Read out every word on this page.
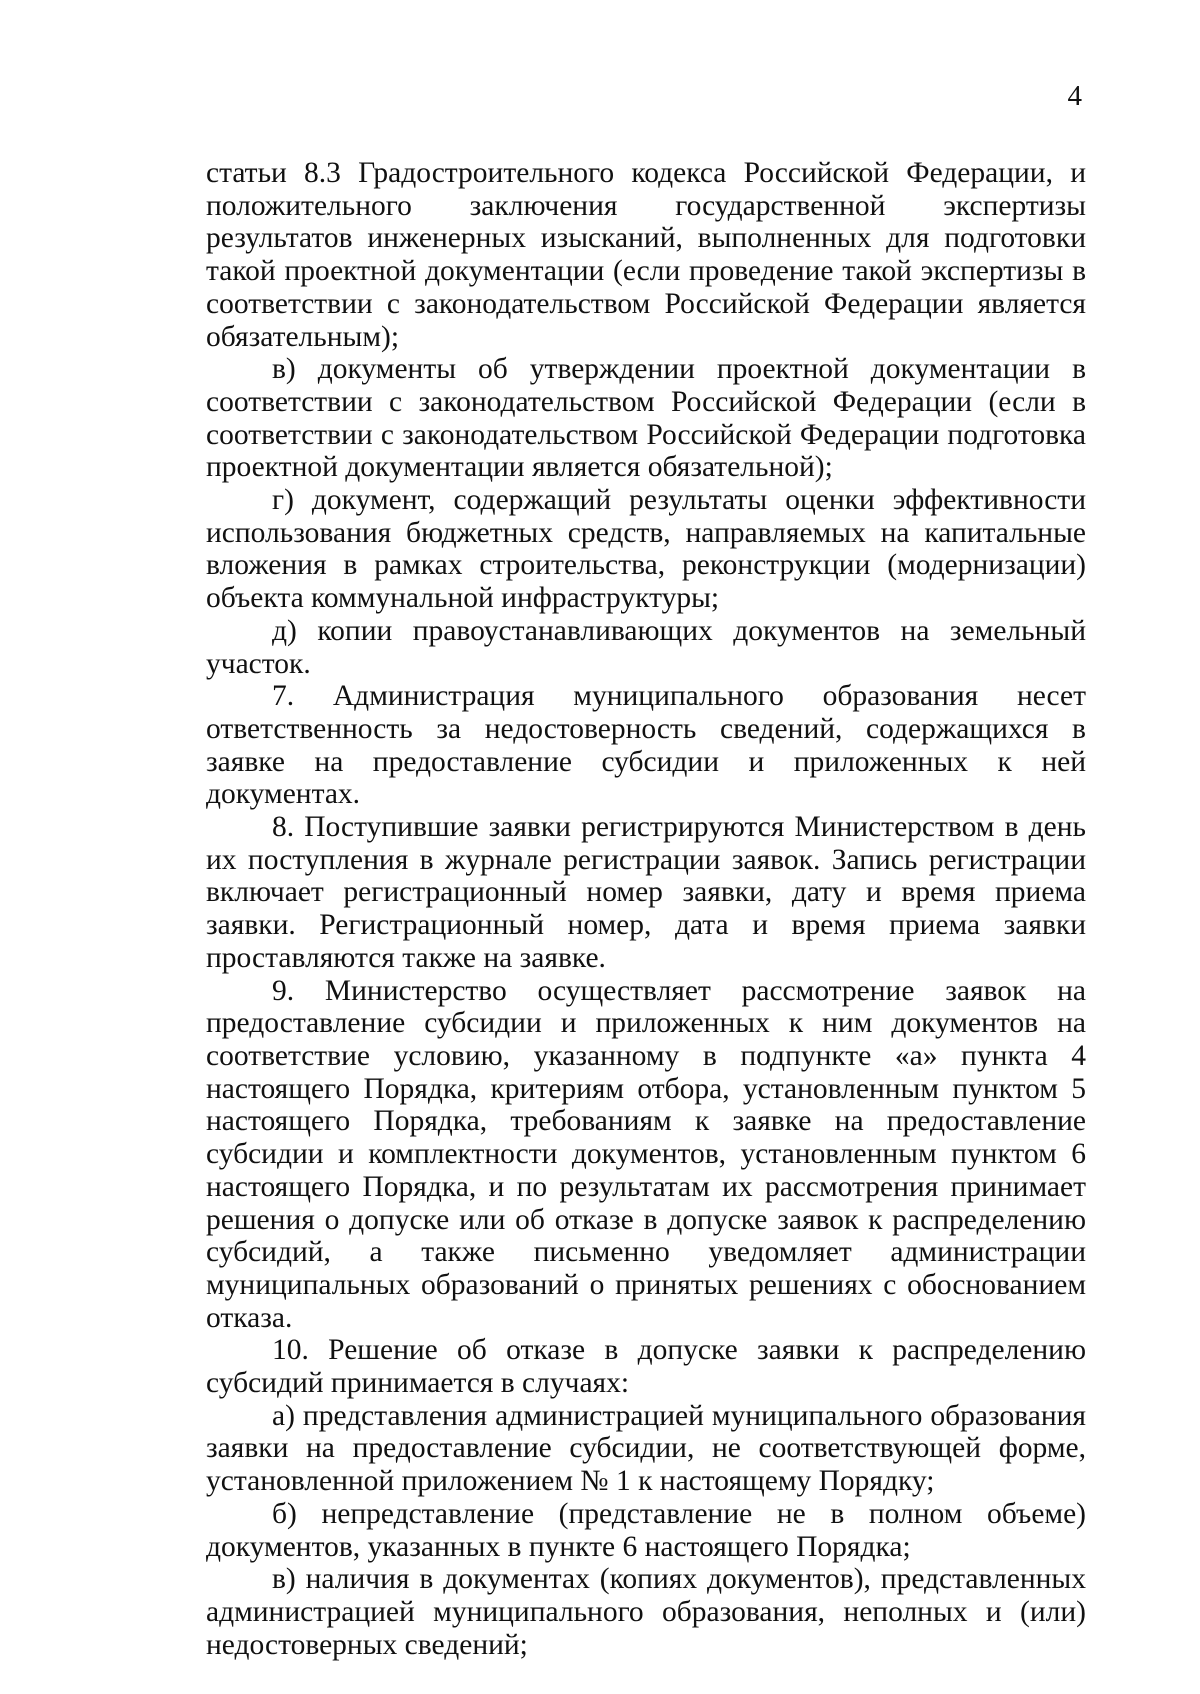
4

статьи 8.3 Градостроительного кодекса Российской Федерации, и положительного заключения государственной экспертизы результатов инженерных изысканий, выполненных для подготовки такой проектной документации (если проведение такой экспертизы в соответствии с законодательством Российской Федерации является обязательным);

в) документы об утверждении проектной документации в соответствии с законодательством Российской Федерации (если в соответствии с законодательством Российской Федерации подготовка проектной документации является обязательной);

г) документ, содержащий результаты оценки эффективности использования бюджетных средств, направляемых на капитальные вложения в рамках строительства, реконструкции (модернизации) объекта коммунальной инфраструктуры;

д) копии правоустанавливающих документов на земельный участок.

7. Администрация муниципального образования несет ответственность за недостоверность сведений, содержащихся в заявке на предоставление субсидии и приложенных к ней документах.

8. Поступившие заявки регистрируются Министерством в день их поступления в журнале регистрации заявок. Запись регистрации включает регистрационный номер заявки, дату и время приема заявки. Регистрационный номер, дата и время приема заявки проставляются также на заявке.

9. Министерство осуществляет рассмотрение заявок на предоставление субсидии и приложенных к ним документов на соответствие условию, указанному в подпункте «а» пункта 4 настоящего Порядка, критериям отбора, установленным пунктом 5 настоящего Порядка, требованиям к заявке на предоставление субсидии и комплектности документов, установленным пунктом 6 настоящего Порядка, и по результатам их рассмотрения принимает решения о допуске или об отказе в допуске заявок к распределению субсидий, а также письменно уведомляет администрации муниципальных образований о принятых решениях с обоснованием отказа.

10. Решение об отказе в допуске заявки к распределению субсидий принимается в случаях:

а) представления администрацией муниципального образования заявки на предоставление субсидии, не соответствующей форме, установленной приложением № 1 к настоящему Порядку;

б) непредставление (представление не в полном объеме) документов, указанных в пункте 6 настоящего Порядка;

в) наличия в документах (копиях документов), представленных администрацией муниципального образования, неполных и (или) недостоверных сведений;
